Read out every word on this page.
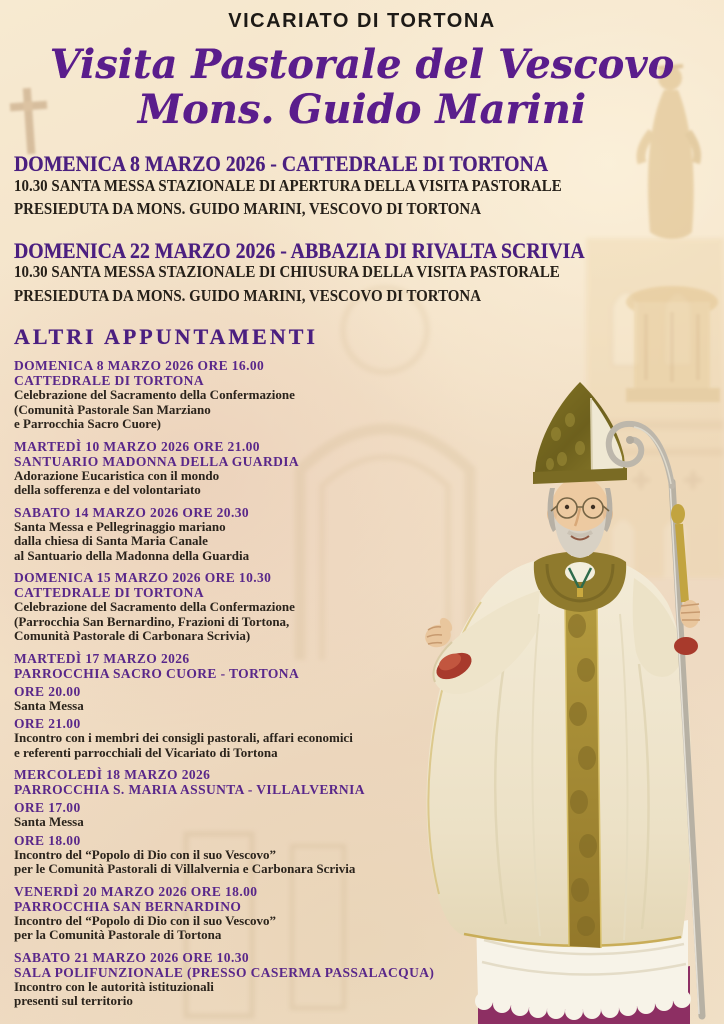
VICARIATO DI TORTONA
Visita Pastorale del Vescovo
Mons. Guido Marini
DOMENICA 8 MARZO 2026 - CATTEDRALE DI TORTONA
10.30 SANTA MESSA STAZIONALE DI APERTURA DELLA VISITA PASTORALE
PRESIEDUTA DA MONS. GUIDO MARINI, VESCOVO DI TORTONA
DOMENICA 22 MARZO 2026 - ABBAZIA DI RIVALTA SCRIVIA
10.30 SANTA MESSA STAZIONALE DI CHIUSURA DELLA VISITA PASTORALE
PRESIEDUTA DA MONS. GUIDO MARINI, VESCOVO DI TORTONA
ALTRI APPUNTAMENTI
DOMENICA 8 MARZO 2026 ORE 16.00
CATTEDRALE DI TORTONA
Celebrazione del Sacramento della Confermazione
(Comunità Pastorale San Marziano
e Parrocchia Sacro Cuore)
MARTEDÌ 10 MARZO 2026 ORE 21.00
SANTUARIO MADONNA DELLA GUARDIA
Adorazione Eucaristica con il mondo
della sofferenza e del volontariato
SABATO 14 MARZO 2026 ORE 20.30
Santa Messa e Pellegrinaggio mariano
dalla chiesa di Santa Maria Canale
al Santuario della Madonna della Guardia
DOMENICA 15 MARZO 2026 ORE 10.30
CATTEDRALE DI TORTONA
Celebrazione del Sacramento della Confermazione
(Parrocchia San Bernardino, Frazioni di Tortona,
Comunità Pastorale di Carbonara Scrivia)
MARTEDÌ 17 MARZO 2026
PARROCCHIA SACRO CUORE - TORTONA
ORE 20.00
Santa Messa
ORE 21.00
Incontro con i membri dei consigli pastorali, affari economici
e referenti parrocchiali del Vicariato di Tortona
MERCOLEDÌ 18 MARZO 2026
PARROCCHIA S. MARIA ASSUNTA - VILLALVERNIA
ORE 17.00
Santa Messa
ORE 18.00
Incontro del “Popolo di Dio con il suo Vescovo”
per le Comunità Pastorali di Villalvernia e Carbonara Scrivia
VENERDÌ 20 MARZO 2026 ORE 18.00
PARROCCHIA SAN BERNARDINO
Incontro del “Popolo di Dio con il suo Vescovo”
per la Comunità Pastorale di Tortona
SABATO 21 MARZO 2026 ORE 10.30
SALA POLIFUNZIONALE (PRESSO CASERMA PASSALACQUA)
Incontro con le autorità istituzionali
presenti sul territorio
